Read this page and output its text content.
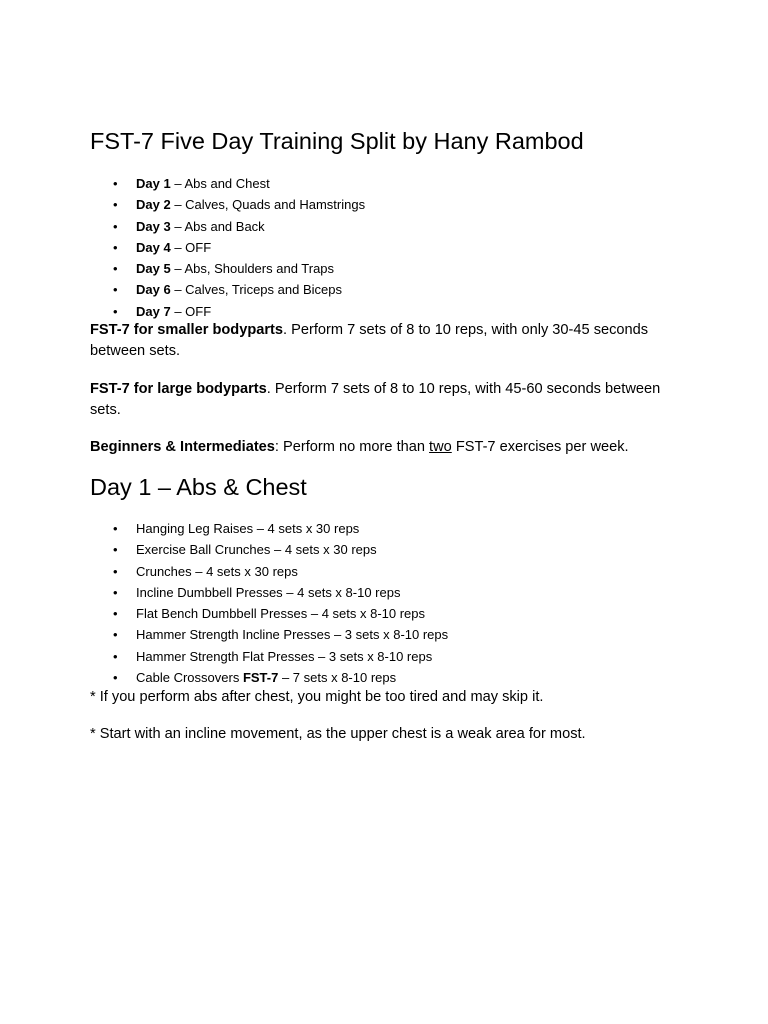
FST-7 Five Day Training Split by Hany Rambod
• Day 1 – Abs and Chest
• Day 2 – Calves, Quads and Hamstrings
• Day 3 – Abs and Back
• Day 4 – OFF
• Day 5 – Abs, Shoulders and Traps
• Day 6 – Calves, Triceps and Biceps
• Day 7 – OFF

FST-7 for smaller bodyparts. Perform 7 sets of 8 to 10 reps, with only 30-45 seconds between sets.

FST-7 for large bodyparts. Perform 7 sets of 8 to 10 reps, with 45-60 seconds between sets.

Beginners & Intermediates: Perform no more than two FST-7 exercises per week.

Day 1 – Abs & Chest
• Hanging Leg Raises – 4 sets x 30 reps
• Exercise Ball Crunches – 4 sets x 30 reps
• Crunches – 4 sets x 30 reps
• Incline Dumbbell Presses – 4 sets x 8-10 reps
• Flat Bench Dumbbell Presses – 4 sets x 8-10 reps
• Hammer Strength Incline Presses – 3 sets x 8-10 reps
• Hammer Strength Flat Presses – 3 sets x 8-10 reps
• Cable Crossovers FST-7 – 7 sets x 8-10 reps

* If you perform abs after chest, you might be too tired and may skip it.

* Start with an incline movement, as the upper chest is a weak area for most.
